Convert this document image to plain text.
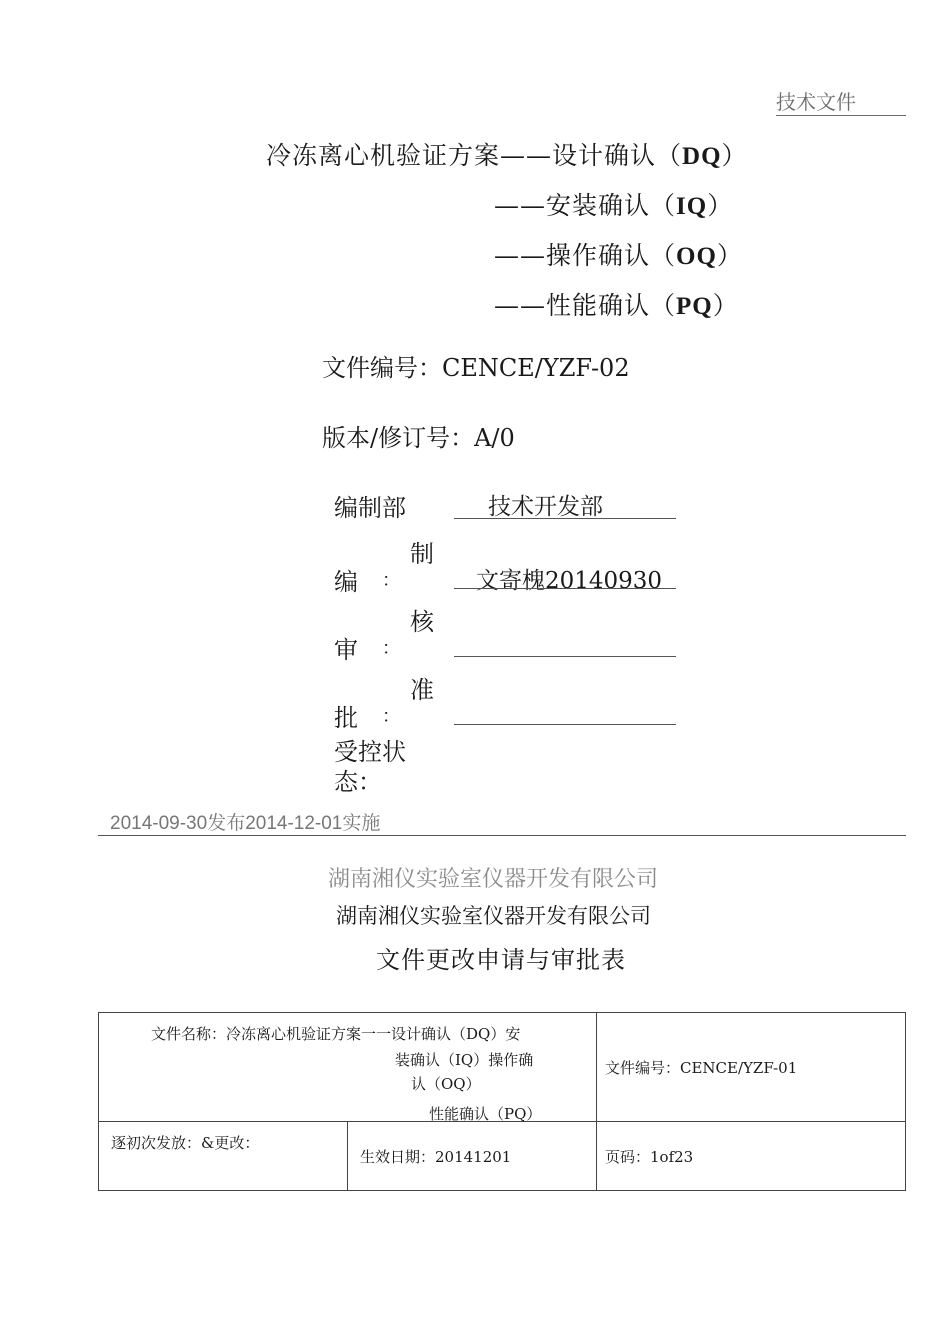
技术文件
冷冻离心机验证方案——设计确认（DQ）
——安装确认（IQ）
——操作确认（OQ）
——性能确认（PQ）
文件编号：CENCE/YZF-02
版本/修订号：A/0
编制部	技术开发部
制
编 ：	文寄槐20140930
核
审 ：
准
批 ：
受控状
态：
2014-09-30发布2014-12-01实施
湖南湘仪实验室仪器开发有限公司
湖南湘仪实验室仪器开发有限公司
文件更改申请与审批表
文件名称：冷冻离心机验证方案一一设计确认（DQ）安
装确认（IQ）操作确
认（OQ）
性能确认（PQ）		文件编号：CENCE/YZF-01
逐初次发放：&更改：	生效日期：20141201	页码：1of23
